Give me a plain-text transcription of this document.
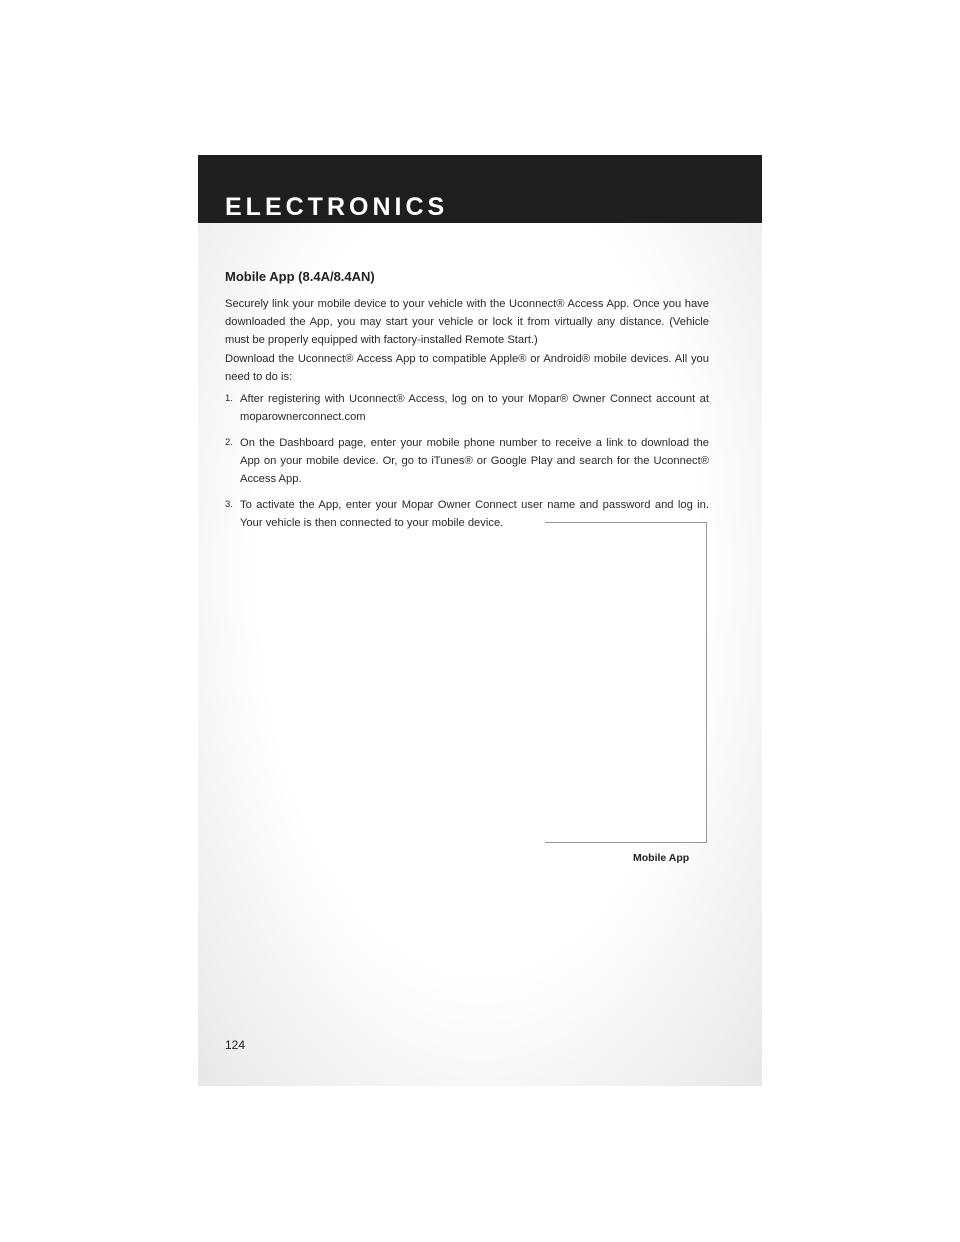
ELECTRONICS
Mobile App (8.4A/8.4AN)

Securely link your mobile device to your vehicle with the Uconnect® Access App. Once you have downloaded the App, you may start your vehicle or lock it from virtually any distance. (Vehicle must be properly equipped with factory-installed Remote Start.)

Download the Uconnect® Access App to compatible Apple® or Android® mobile devices. All you need to do is:

1. After registering with Uconnect® Access, log on to your Mopar® Owner Connect account at moparownerconnect.com
2. On the Dashboard page, enter your mobile phone number to receive a link to download the App on your mobile device. Or, go to iTunes® or Google Play and search for the Uconnect® Access App.
3. To activate the App, enter your Mopar Owner Connect user name and password and log in. Your vehicle is then connected to your mobile device.
Mobile App
124
